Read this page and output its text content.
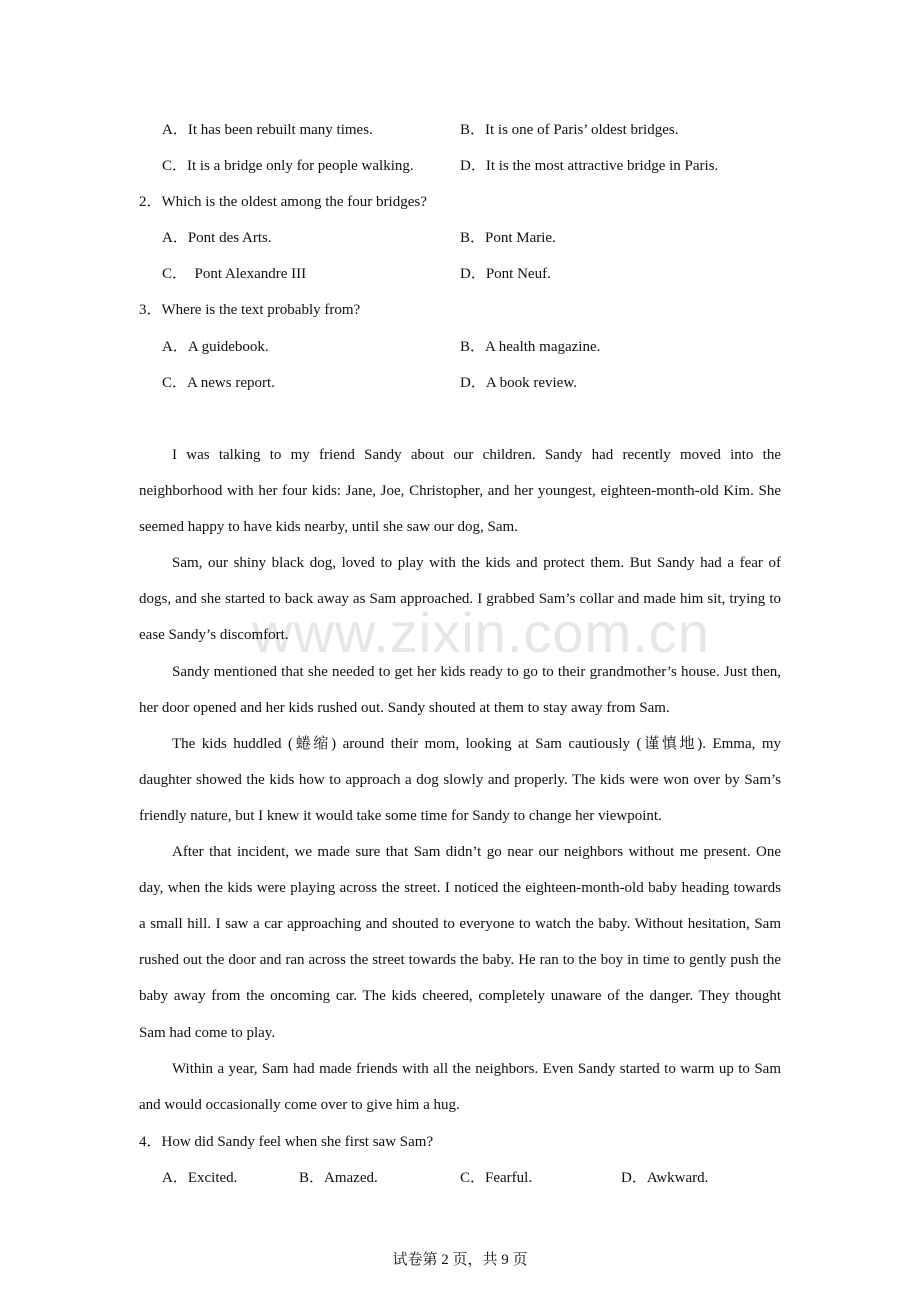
www.zixin.com.cn
A．It has been rebuilt many times.	B．It is one of Paris’ oldest bridges.
C．It is a bridge only for people walking.	D．It is the most attractive bridge in Paris.
2．Which is the oldest among the four bridges?
A．Pont des Arts.	B．Pont Marie.
C．  Pont Alexandre III	D．Pont Neuf.
3．Where is the text probably from?
A．A guidebook.	B．A health magazine.
C．A news report.	D．A book review.

I was talking to my friend Sandy about our children. Sandy had recently moved into the neighborhood with her four kids: Jane, Joe, Christopher, and her youngest, eighteen-month-old Kim. She seemed happy to have kids nearby, until she saw our dog, Sam.

Sam, our shiny black dog, loved to play with the kids and protect them. But Sandy had a fear of dogs, and she started to back away as Sam approached. I grabbed Sam’s collar and made him sit, trying to ease Sandy’s discomfort.

Sandy mentioned that she needed to get her kids ready to go to their grandmother’s house. Just then, her door opened and her kids rushed out. Sandy shouted at them to stay away from Sam.

The kids huddled (蜷缩) around their mom, looking at Sam cautiously (谨慎地). Emma, my daughter showed the kids how to approach a dog slowly and properly. The kids were won over by Sam’s friendly nature, but I knew it would take some time for Sandy to change her viewpoint.

After that incident, we made sure that Sam didn’t go near our neighbors without me present. One day, when the kids were playing across the street. I noticed the eighteen-month-old baby heading towards a small hill. I saw a car approaching and shouted to everyone to watch the baby. Without hesitation, Sam rushed out the door and ran across the street towards the baby. He ran to the boy in time to gently push the baby away from the oncoming car. The kids cheered, completely unaware of the danger. They thought Sam had come to play.

Within a year, Sam had made friends with all the neighbors. Even Sandy started to warm up to Sam and would occasionally come over to give him a hug.

4．How did Sandy feel when she first saw Sam?
A．Excited.	B．Amazed.	C．Fearful.	D．Awkward.
试卷第 2 页，共 9 页
